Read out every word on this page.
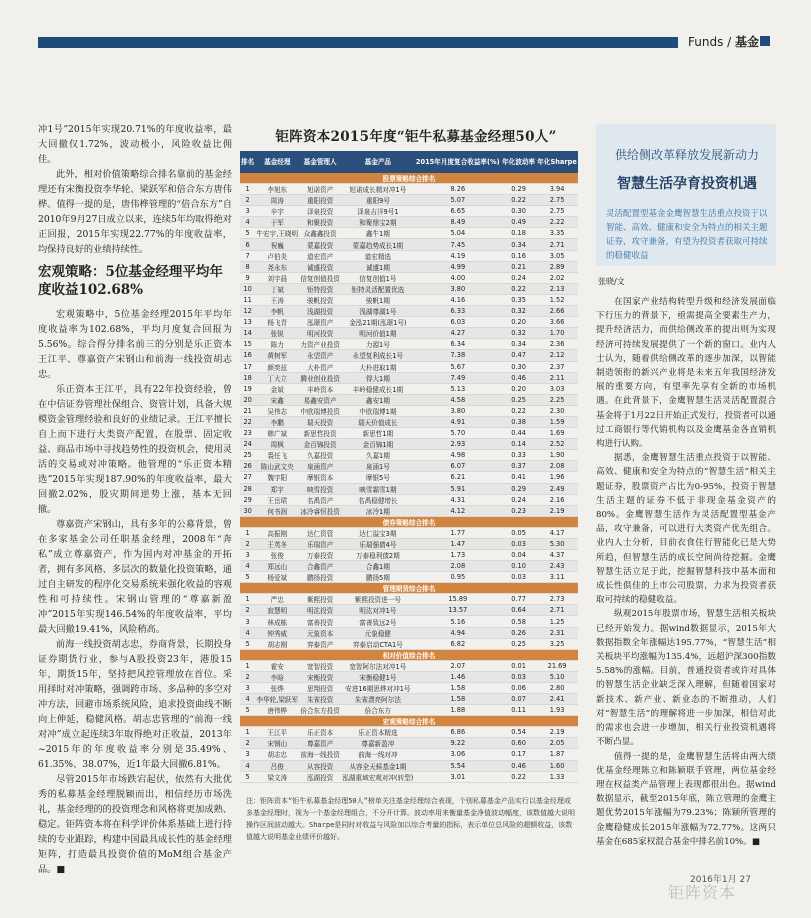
Funds / 基金

冲1号”2015年实现20.71%的年度收益率，最大回撤仅1.72%，波动极小，风险收益比佣佳。

此外，相对价值策略综合排名靠前的基金经理还有宋衡投资李华轮、梁跃军和倍合东方唐伟桦。值得一提的是，唐伟桦管理的“倍合东方”自2010年9月27日成立以来，连续5年均取得绝对正回报，2015年实现22.77%的年度收益率，均保持良好的业绩持续性。

宏观策略：5位基金经理平均年度收益102.68%

宏观策略中，5位基金经理2015年平均年度收益率为102.68%，平均月度复合回报为5.56%。综合得分排名前三的分别是乐正资本王江平、尊嘉资产宋钢山和前海一线投资胡志忠。

乐正资本王江平，具有22年投资经验，曾在中信证券管理社保组合、资管计划，具备大规模资金管理经验和良好的业绩记录。王江平擅长自上而下进行大类资产配置，在股票、固定收益、商品市场中寻找趋势性的投资机会，使用灵活的交易或对冲策略。他管理的“乐正资本精选”2015年实现187.90%的年度收益率，最大回撤2.02%，股灾期间逆势上涨，基本无回撤。

尊嘉资产宋钢山，具有多年的公募背景，曾在多家基金公司任职基金经理，2008年“奔私”成立尊嘉资产，作为国内对冲基金的开拓者，拥有多风格、多层次的数量化投资策略，通过自主研发的程序化交易系统来强化收益的容观性和可持续性。宋钢山管理的“尊嘉新盈冲”2015年实现146.54%的年度收益率，平均最大回撤19.41%，风险稍高。

前海一线投资胡志忠，券商背景，长期投身证券期货行业，参与A股投资23年，港股15年，期货15年，坚持把风控管理放在首位。采用择时对冲策略，强调跨市场、多品种的多空对冲方法，回避市场系统风险，追求投资曲线不断向上伸延，稳健风格。胡志忠管理的“前海一线对冲”成立起连续3年取得绝对正收益，2013年~2015年的年度收益率分别是35.49%、61.35%、38.07%，近1年最大回撤6.81%。

尽管2015年市场跌宕起伏，依然有大批优秀的私募基金经理脱颖而出，相信经历市场洗礼，基金经理的的投资理念和风格将更加成熟、稳定。钜阵资本将在科学评价体系基础上进行持续的专业跟踪，构建中国最具成长性的基金经理矩阵，打造最具投资价值的MoM组合基金产品。■

钜阵资本2015年度“钜牛私募基金经理50人”
排名	基金经理	基金管理人	基金产品	2015年月度复合收益率(%)	年化波动率	年化Sharpe
股票策略综合排名						
1	李旭东	旭诺资产	旭诺成长精对冲1号	8.26	0.29	3.94
2	周涛	重阳投资	重阳9号	5.07	0.22	2.75
3	辛宇	泽泉投资	泽泉吉洋9号1	6.65	0.30	2.75
4	于军	和聚投资	和聚鼎宝2期	8.49	0.49	2.22
5	牛宏宇,王晓明	众鑫鑫投资	鑫牛1期	5.04	0.18	3.35
6	祝巍	蒙嘉投资	蒙嘉趋势成长1期	7.45	0.34	2.71
7	卢伯炎	道宏资产	道宏精选	4.19	0.16	3.05
8	尧永东	诚盛投资	诚盛1期	4.99	0.21	2.89
9	刘宇晨	信复创值投资	信复创值1号	4.00	0.24	2.02
10	丁斌	钜特投资	钜特灵活配置优选	3.80	0.22	2.13
11	王涛	骏帆投资	骏帆1期	4.16	0.35	1.52
12	李帆	浅湖投资	浅湖尊湖1号	6.33	0.32	2.66
13	杨飞青	泓璟资产	金泓21期(泓璟1号)	6.03	0.20	3.66
14	张锐	明河投资	明河价值1期	4.27	0.32	1.70
15	陈力	力资产业投资	力源1号	6.34	0.34	2.36
16	黄树军	永望资产	永望复利成长1号	7.38	0.47	2.12
17	颜奕兹	大朴资产	大朴进取1期	5.67	0.30	2.37
18	丁大立	腾业创业投资	得大1期	7.49	0.46	2.11
19	金斌	丰岭资本	丰岭稳健成长1期	5.13	0.20	3.03
20	宋鑫	易鑫安资产	鑫安1期	4.58	0.25	2.25
21	吴伟志	中欧瑞博投资	中欧瑞博1期	3.80	0.22	2.30
22	李鹏	瑞天投资	瑞天价值成长	4.91	0.38	1.59
23	韩广斌	新思哲投资	新思哲1期	5.70	0.44	1.69
24	周枫	金百锦投资	金百锦1期	2.93	0.14	2.52
25	裘任飞	久嘉投资	久嘉1期	4.98	0.33	1.90
26	陈山武文央	泉涌资产	泉涌1号	6.07	0.37	2.08
27	魏宇阳	摩银资本	摩银5号	6.21	0.41	1.96
28	郑宇	映雪投资	映雪霜雪1期	5.91	0.29	2.49
29	王岳珺	名禹资产	名禹稳健增长	4.31	0.24	2.16
30	何书润	冰冷睿恒投资	冰冷1期	4.12	0.23	2.19
债券策略综合排名						
1	高振刚	达仁资管	达仁溢宝3期	1.77	0.05	4.17
2	王英冬	乐瑞资产	乐瑞强债4号	1.47	0.03	5.30
3	张俊	万泰投资	万泰稳利债2期	1.73	0.04	4.37
4	郑远山	合鑫资产	合鑫1期	2.08	0.10	2.43
5	杨爱斌	鹏扬投资	鹏扬5期	0.95	0.03	3.11
管理期货综合排名						
1	严忠	紫熙投资	紫熙投资进一号	15.89	0.77	2.73
2	寂慧明	明汯投资	明汯对冲1号	13.57	0.64	2.71
3	林成栋	富善投资	富善致远2号	5.16	0.58	1.25
4	钟秀威	元象资本	元象稳健	4.94	0.26	2.31
5	胡志刚	弈泰资产	弈泰启动CTA1号	6.82	0.25	3.25
相对价值综合排名						
1	霍安	宽智投资	宽智阿尔法对冲1号	2.07	0.01	21.69
2	李晗	宋衡投资	宋衡稳健1号	1.46	0.03	5.10
3	张烨	思翔投资	安进16期思烨对冲1号	1.58	0.06	2.80
4	李华轮,梁跃军	朱雀投资	朱雀漂亮阿尔法	1.58	0.07	2.41
5	唐伟桦	倍合东方投资	倍合东方	1.88	0.11	1.93
宏观策略综合排名						
1	王江平	乐正资本	乐正资本精选	6.86	0.54	2.19
2	宋钢山	尊嘉资产	尊嘉新盈冲	9.22	0.60	2.05
3	胡志忠	前海一线投资	前海一线对冲	3.06	0.17	1.87
4	吕俊	从容投资	从容全天候基金1期	5.54	0.46	1.60
5	梁文涛	泓湖投资	泓湖重域宏观对冲(转型)	3.01	0.22	1.33
注：钜阵资本“钜牛私募基金经理50人”榜单关注基金经理综合表现，个别私募基金产品实行以基金经理或多基金经理时，视为一个基金经理组合，不分开计算。波动率用来衡量基金净值波动幅度，该数值越大说明操作区间波动越大。Sharpe是同时对收益与风险加以综合考量的指标，表示单位总风险的超额收益，该数值越大说明基金业绩评价越好。
供给侧改革释放发展新动力
智慧生活孕育投资机遇
灵活配置型基金金鹰智慧生活重点投资于以智能、高效、健康和安全为特点的相关主题证券，攻守兼备，有望为投资者获取可持续的稳健收益
张晓/文

在国家产业结构转型升级和经济发展面临下行压力的背景下，亟需提高全要素生产力，提升经济活力，而供给侧改革的提出则为实现经济可持续发展提供了一个新的窗口。业内人士认为，随着供给侧改革的逐步加深，以智能制造领衔的新兴产业将是未来五年我国经济发展的重要方向，有望率先享有全新的市场机遇。在此背景下，金鹰智慧生活灵活配置混合基金将于1月22日开始正式发行，投资者可以通过工商银行等代销机构以及金鹰基金各直销机构进行认购。

据悉，金鹰智慧生活重点投资于以智能、高效、健康和安全为特点的“智慧生活”相关主题证券，股票资产占比为0-95%，投资于智慧生活主题的证券不低于非现金基金资产的80%。金鹰智慧生活作为灵活配置型基金产品，攻守兼备，可以进行大类资产优先组合。业内人士分析，目前衣食住行智能化已是大势所趋，但智慧生活的成长空间尚待挖掘。金鹰智慧生活立足于此，挖掘智慧科技中基本面和成长性俱佳的上市公司股票，力求为投资者获取可持续的稳健收益。

纵观2015年股票市场，智慧生活相关板块已经开始发力。据wind数据显示，2015年大数据指数全年涨幅达195.77%，“智慧生活”相关板块平均涨幅为135.4%，远超沪深300指数5.58%的涨幅。目前，普通投资者或许对具体的智慧生活企业缺乏深入理解，但随着国家对新技术、新产业、新业态的不断推动，人们对“智慧生活”的理解将进一步加深，相信对此的需求也会进一步增加，相关行业投资机遇将不断凸显。

值得一提的是，金鹰智慧生活将由两大绩优基金经理陈立和陈颖联手管理，两位基金经理在权益类产品管理上表现都很出色。据wind数据显示，截至2015年底，陈立管理的金鹰主题优势2015年涨幅为79.23%；陈颖所管理的金鹰稳健成长2015年涨幅为72.77%。这两只基金在685家权混合基金中排名前10%。■

2016年1月 27
钜阵资本
